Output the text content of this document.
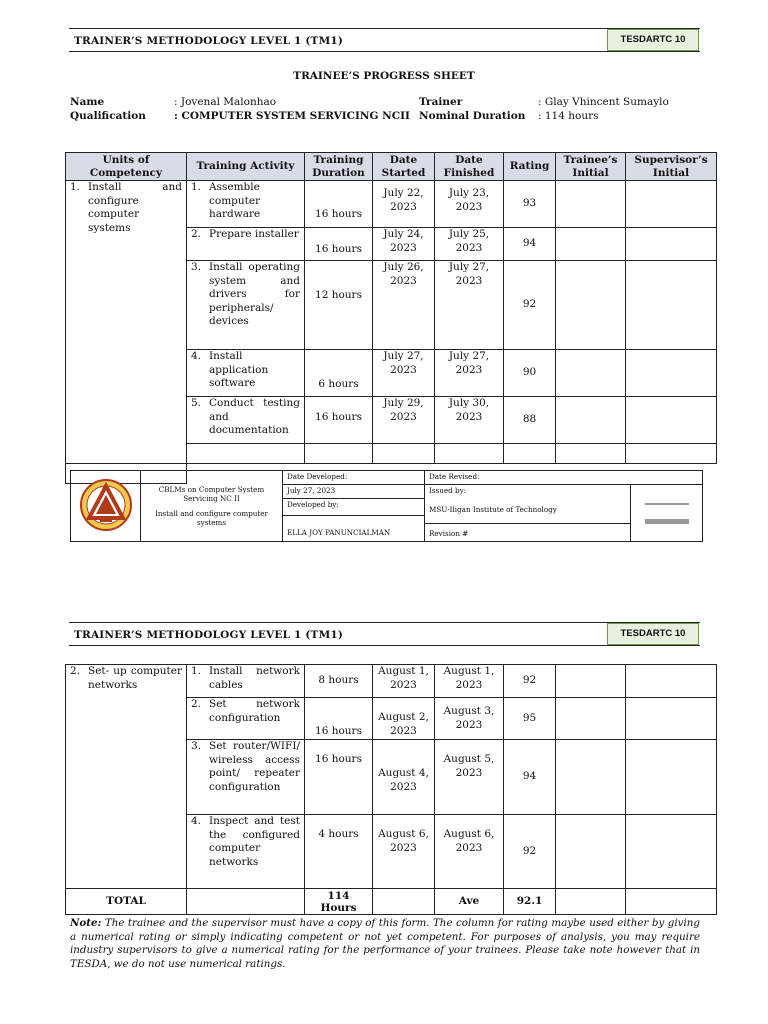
TRAINER’S METHODOLOGY LEVEL 1 (TM1)	TESDARTC 10
TRAINEE’S PROGRESS SHEET
Name	: Jovenal Malonhao	Trainer	: Glay Vhincent Sumaylo
Qualification	: COMPUTER SYSTEM SERVICING NCII Nominal Duration : 114 hours
Units of Competency	Training Activity	Training Duration	Date Started	Date Finished	Rating	Trainee’s Initial	Supervisor’s Initial

1. Install and configure computer systems	1. Assemble computer hardware	16 hours	July 22, 2023	July 23, 2023	93		

	2. Prepare installer	16 hours	July 24, 2023	July 25, 2023	94		

	3. Install operating system and drivers for peripherals/ devices	12 hours	July 26, 2023	July 27, 2023	92		

	4. Install application software	6 hours	July 27, 2023	July 27, 2023	90		

	5. Conduct testing and documentation	16 hours	July 29, 2023	July 30, 2023	88		

CBLMs on Computer System Servicing NC II
Install and configure computer systems	Date Developed:	Date Revised:	
		July 27, 2023	Issued by:
MSU-Iligan Institute of Technology
Revision #	

		Developed by:
ELLA JOY PANUNCIALMAN		
TRAINER’S METHODOLOGY LEVEL 1 (TM1)	TESDARTC 10
2. Set- up computer networks	1. Install network cables	8 hours	August 1, 2023	August 1, 2023	92		

	2. Set network configuration	16 hours	August 2, 2023	August 3, 2023	95		

	3. Set router/WIFI/ wireless access point/ repeater configuration	16 hours	August 4, 2023	August 5, 2023	94		

	4. Inspect and test the configured computer networks	4 hours	August 6, 2023	August 6, 2023	92		
TOTAL		114 Hours		Ave	92.1		
Note: The trainee and the supervisor must have a copy of this form. The column for rating maybe used either by giving a numerical rating or simply indicating competent or not yet competent. For purposes of analysis, you may require industry supervisors to give a numerical rating for the performance of your trainees. Please take note however that in TESDA, we do not use numerical ratings.
